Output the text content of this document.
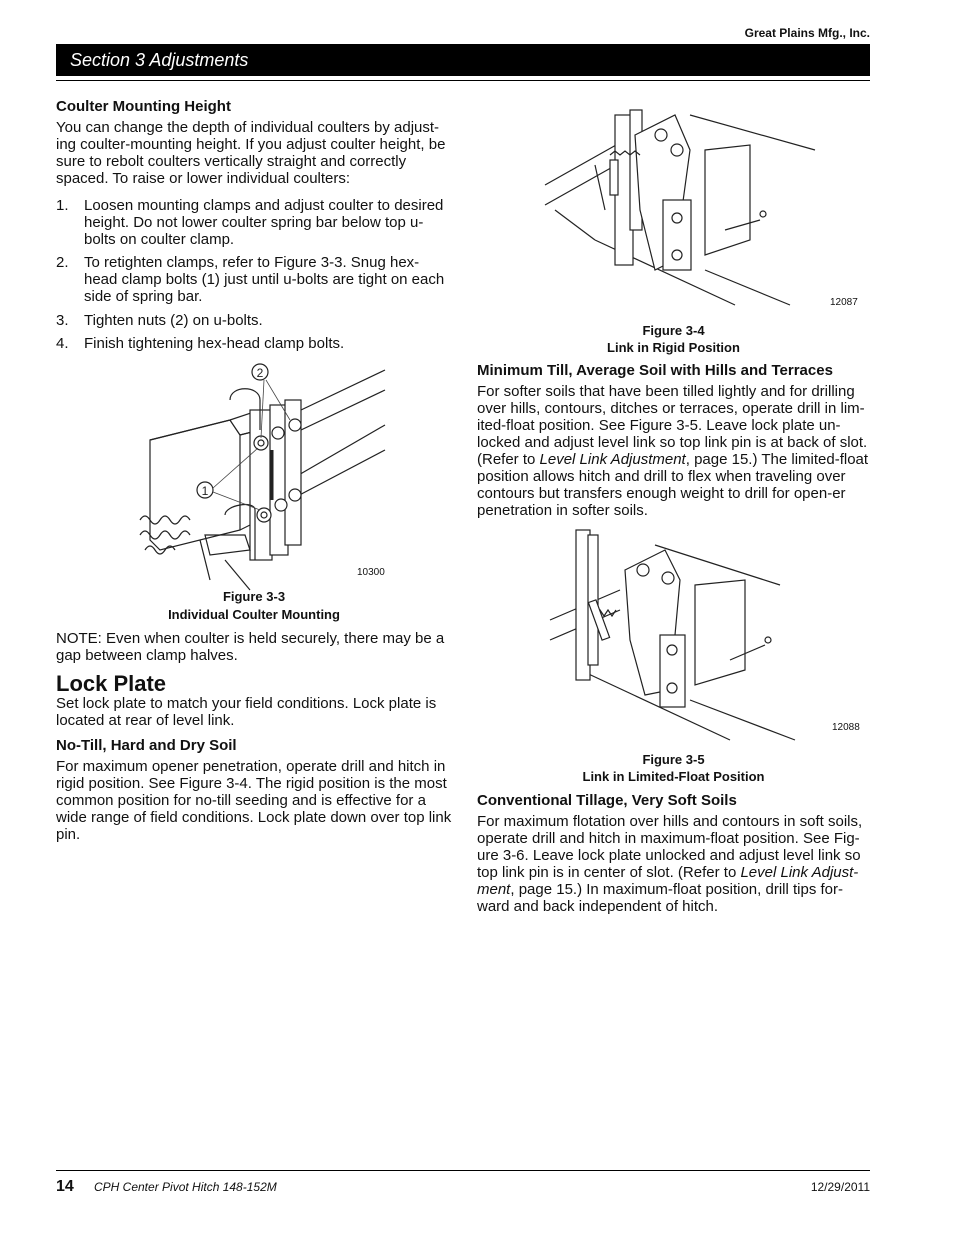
Great Plains Mfg., Inc.
Section 3 Adjustments
Coulter Mounting Height

You can change the depth of individual coulters by adjust-ing coulter-mounting height. If you adjust coulter height, be sure to rebolt coulters vertically straight and correctly spaced. To raise or lower individual coulters:

1. Loosen mounting clamps and adjust coulter to desired height. Do not lower coulter spring bar below top u-bolts on coulter clamp.
2. To retighten clamps, refer to Figure 3-3. Snug hex-head clamp bolts (1) just until u-bolts are tight on each side of spring bar.
3. Tighten nuts (2) on u-bolts.
4. Finish tightening hex-head clamp bolts.
2
1
10300
Figure 3-3
Individual Coulter Mounting

NOTE: Even when coulter is held securely, there may be a gap between clamp halves.

Lock Plate

Set lock plate to match your field conditions. Lock plate is located at rear of level link.

No-Till, Hard and Dry Soil

For maximum opener penetration, operate drill and hitch in rigid position. See Figure 3-4. The rigid position is the most common position for no-till seeding and is effective for a wide range of field conditions. Lock plate down over top link pin.

12087
Figure 3-4
Link in Rigid Position
Minimum Till, Average Soil with Hills and Terraces

For softer soils that have been tilled lightly and for drilling over hills, contours, ditches or terraces, operate drill in lim-ited-float position. See Figure 3-5. Leave lock plate un-locked and adjust level link so top link pin is at back of slot. (Refer to Level Link Adjustment, page 15.) The limited-float position allows hitch and drill to flex when traveling over contours but transfers enough weight to drill for open-er penetration in softer soils.

12088
Figure 3-5
Link in Limited-Float Position
Conventional Tillage, Very Soft Soils

For maximum flotation over hills and contours in soft soils, operate drill and hitch in maximum-float position. See Fig-ure 3-6. Leave lock plate unlocked and adjust level link so top link pin is in center of slot. (Refer to Level Link Adjust-ment, page 15.) In maximum-float position, drill tips for-ward and back independent of hitch.

14 CPH Center Pivot Hitch 148-152M	12/29/2011
